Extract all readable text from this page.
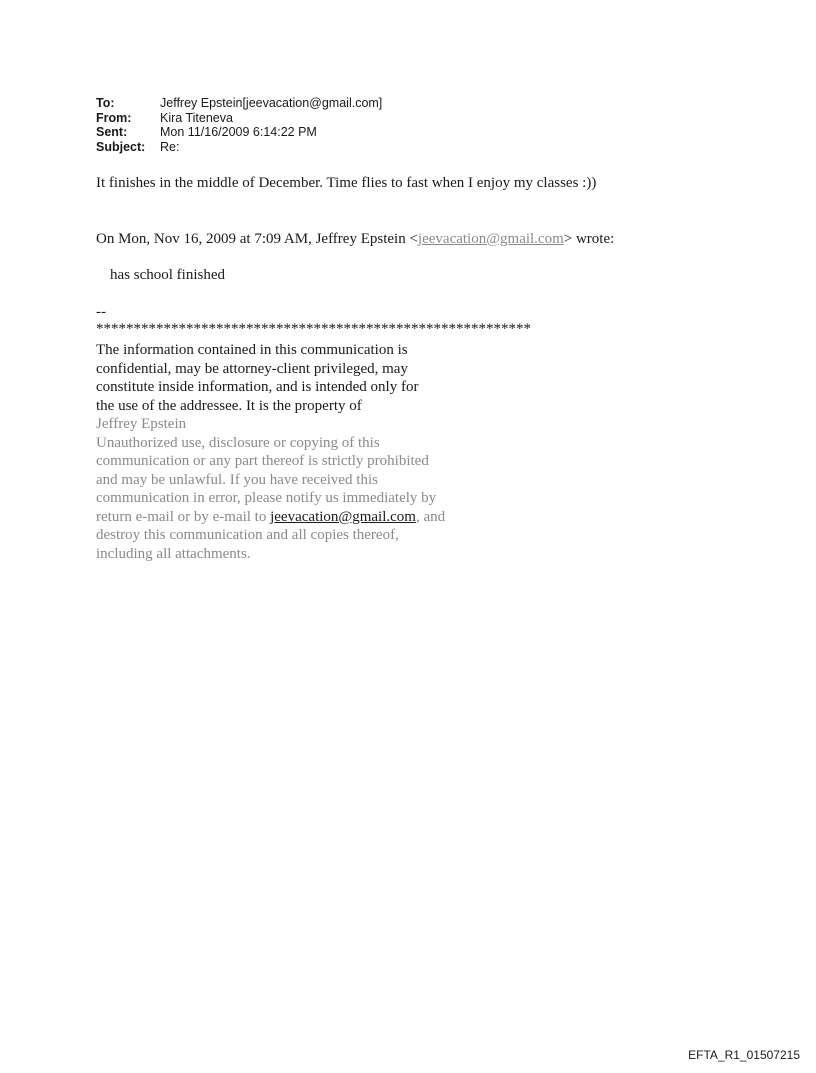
To:	Jeffrey Epstein[jeevacation@gmail.com]
From:	Kira Titeneva
Sent:	Mon 11/16/2009 6:14:22 PM
Subject:	Re:
It finishes in the middle of December. Time flies to fast when I enjoy my classes :))
On Mon, Nov 16, 2009 at 7:09 AM, Jeffrey Epstein <jeevacation@gmail.com> wrote:
has school finished
--
**********************************************************
The information contained in this communication is
confidential, may be attorney-client privileged, may
constitute inside information, and is intended only for
the use of the addressee. It is the property of
Jeffrey Epstein
Unauthorized use, disclosure or copying of this
communication or any part thereof is strictly prohibited
and may be unlawful. If you have received this
communication in error, please notify us immediately by
return e-mail or by e-mail to jeevacation@gmail.com, and
destroy this communication and all copies thereof,
including all attachments.
EFTA_R1_01507215
